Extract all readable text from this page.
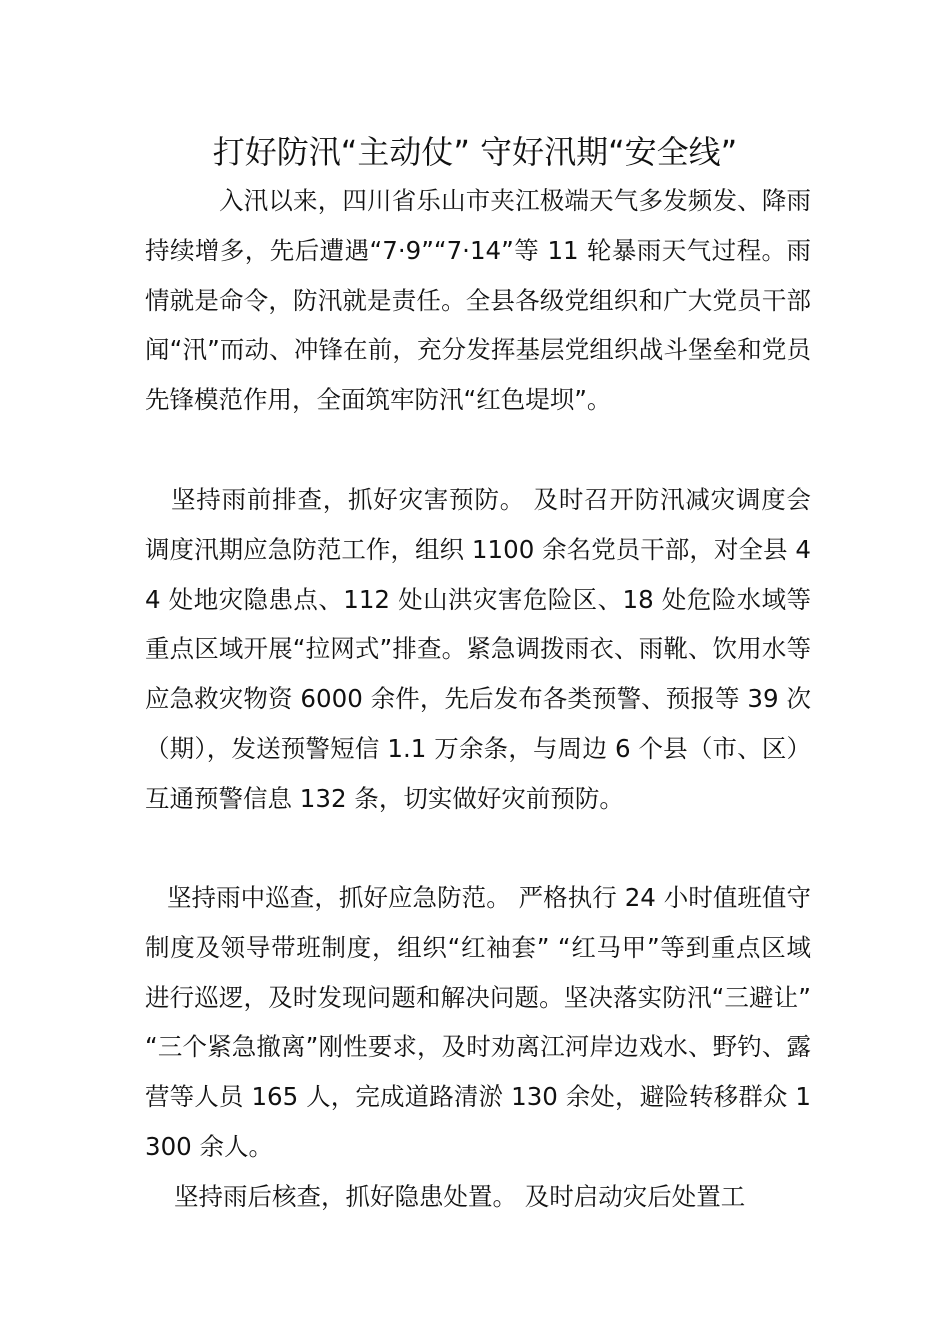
打好防汛“主动仗” 守好汛期“安全线”

入汛以来，四川省乐山市夹江极端天气多发频发、降雨持续增多，先后遭遇“7·9”“7·14”等 11 轮暴雨天气过程。雨情就是命令，防汛就是责任。全县各级党组织和广大党员干部闻“汛”而动、冲锋在前，充分发挥基层党组织战斗堡垒和党员先锋模范作用，全面筑牢防汛“红色堤坝”。

坚持雨前排查，抓好灾害预防。 及时召开防汛减灾调度会调度汛期应急防范工作，组织 1100 余名党员干部，对全县 44 处地灾隐患点、112 处山洪灾害危险区、18 处危险水域等重点区域开展“拉网式”排查。紧急调拨雨衣、雨靴、饮用水等应急救灾物资 6000 余件，先后发布各类预警、预报等 39 次（期），发送预警短信 1.1 万余条，与周边 6 个县（市、区）互通预警信息 132 条，切实做好灾前预防。

坚持雨中巡查，抓好应急防范。 严格执行 24 小时值班值守制度及领导带班制度，组织“红袖套” “红马甲”等到重点区域进行巡逻，及时发现问题和解决问题。坚决落实防汛“三避让” “三个紧急撤离”刚性要求，及时劝离江河岸边戏水、野钓、露营等人员 165 人，完成道路清淤 130 余处，避险转移群众 1300 余人。

坚持雨后核查，抓好隐患处置。 及时启动灾后处置工
